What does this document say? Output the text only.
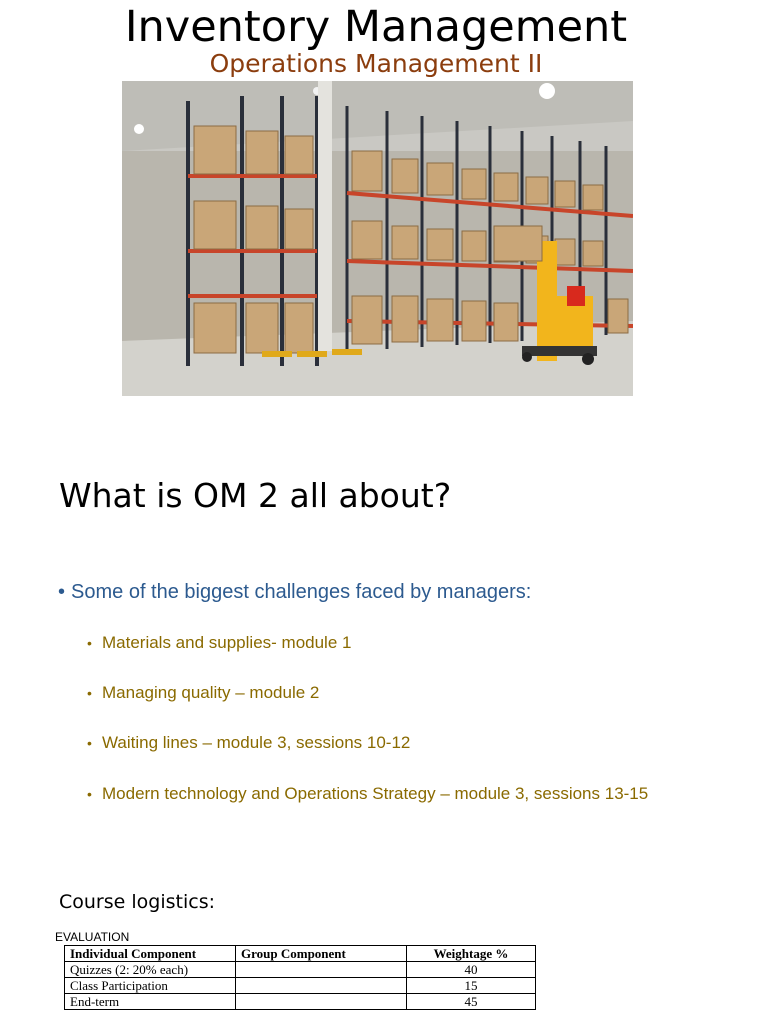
Inventory Management
Operations Management II
What is OM 2 all about?
• Some of the biggest challenges faced by managers:
• Materials and supplies- module 1
• Managing quality – module 2
• Waiting lines – module 3, sessions 10-12
• Modern technology and Operations Strategy – module 3, sessions 13-15
Course logistics:
EVALUATION
Individual Component	Group Component	Weightage %
Quizzes (2: 20% each)		40
Class Participation		15
End-term		45
